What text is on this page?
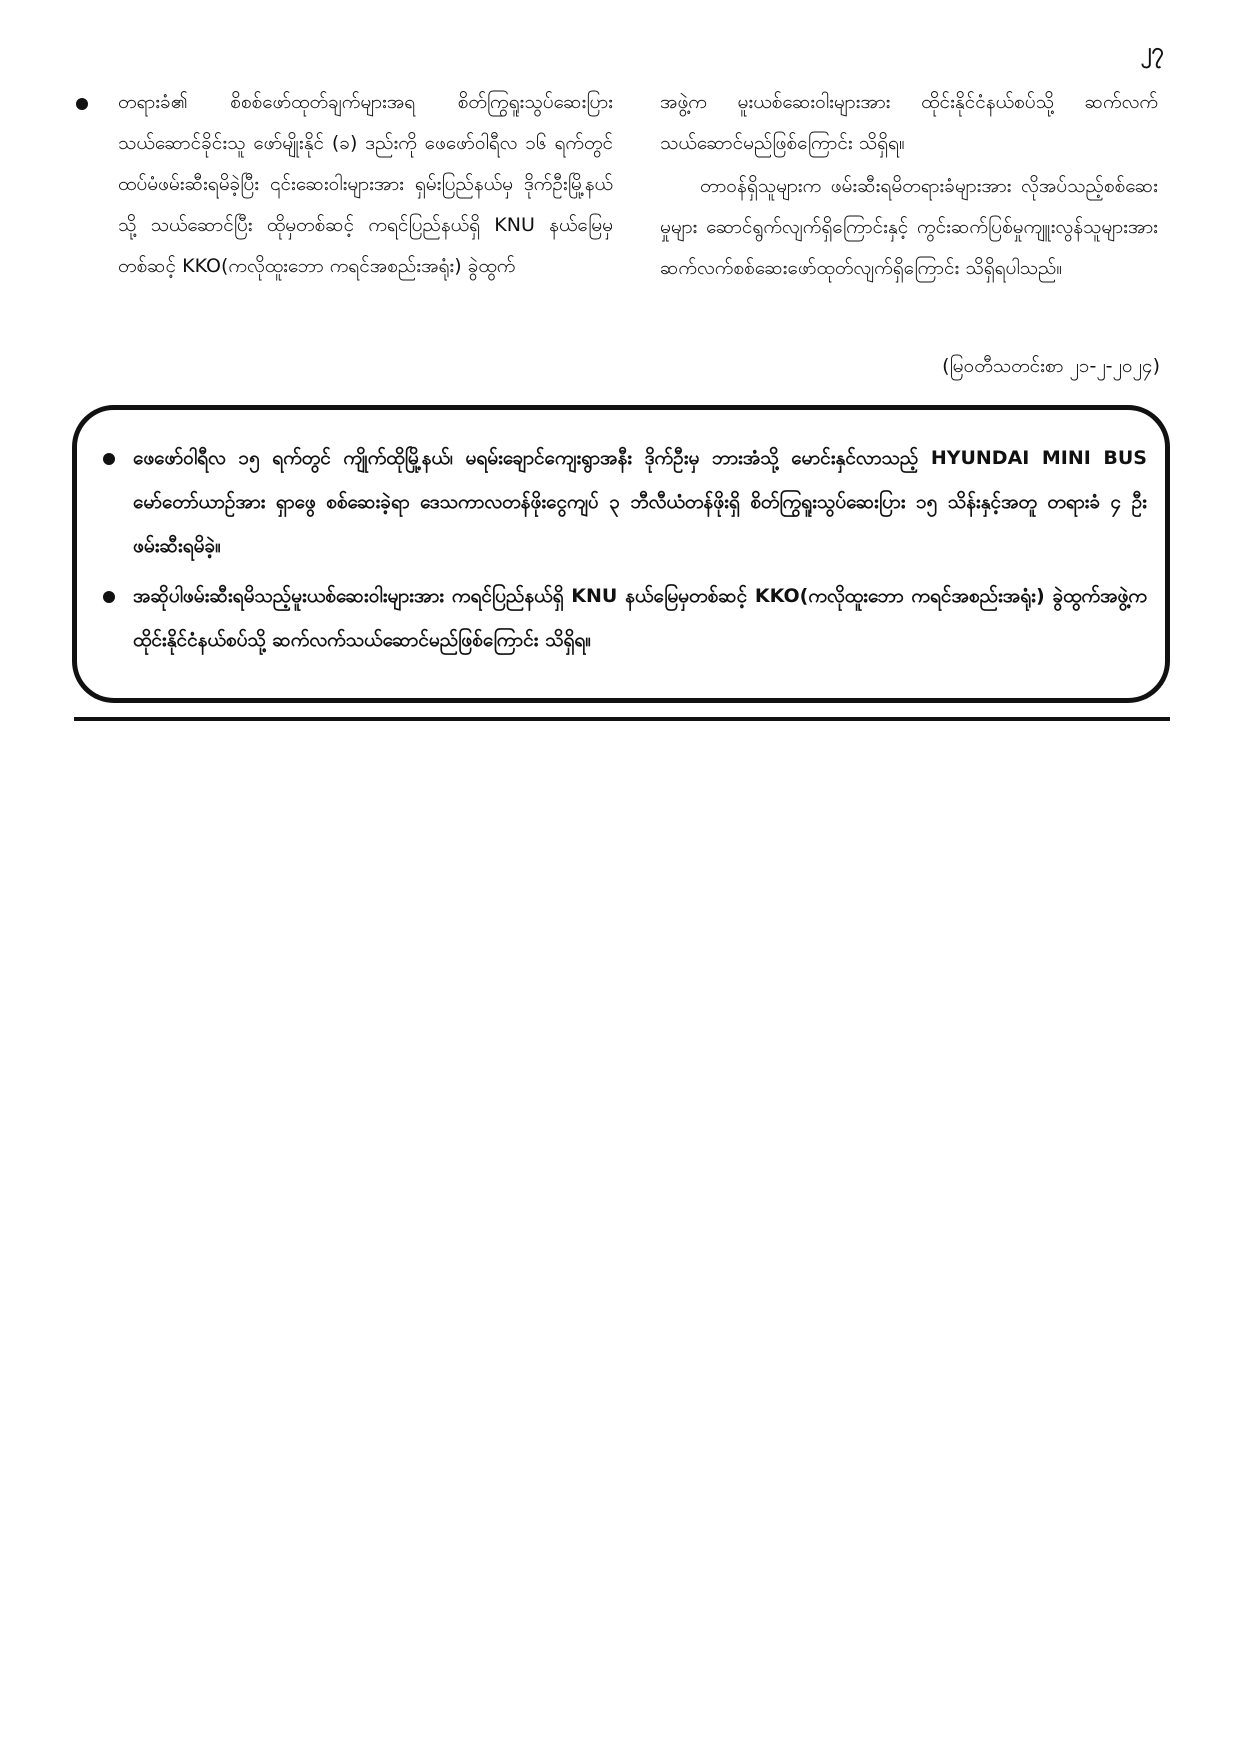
၂၇

တရားခံ၏ စိစစ်ဖော်ထုတ်ချက်များအရ စိတ်ကြွရူးသွပ်ဆေးပြားသယ်ဆောင်ခိုင်းသူ ဖော်မျိုးနိုင် (ခ) ဒည်းကို ဖေဖော်ဝါရီလ ၁၆ ရက်တွင် ထပ်မံဖမ်းဆီးရမိခဲ့ပြီး ၎င်းဆေးဝါးများအား ရှမ်းပြည်နယ်မှ ဒိုက်ဦးမြို့နယ်သို့ သယ်ဆောင်ပြီး ထိုမှတစ်ဆင့် ကရင်ပြည်နယ်ရှိ KNU နယ်မြေမှတစ်ဆင့် KKO(ကလိုထူးဘော ကရင်အစည်းအရုံး) ခွဲထွက်

အဖွဲ့က မူးယစ်ဆေးဝါးများအား ထိုင်းနိုင်ငံနယ်စပ်သို့ ဆက်လက်သယ်ဆောင်မည်ဖြစ်ကြောင်း သိရှိရ။

တာဝန်ရှိသူများက ဖမ်းဆီးရမိတရားခံများအား လိုအပ်သည့်စစ်ဆေးမှုများ ဆောင်ရွက်လျက်ရှိကြောင်းနှင့် ကွင်းဆက်ပြစ်မှုကျူးလွန်သူများအား ဆက်လက်စစ်ဆေးဖော်ထုတ်လျက်ရှိကြောင်း သိရှိရပါသည်။

(မြဝတီသတင်းစာ ၂၁-၂-၂၀၂၄)
ဖေဖော်ဝါရီလ ၁၅ ရက်တွင် ကျိုက်ထိုမြို့နယ်၊ မရမ်းချောင်ကျေးရွာအနီး ဒိုက်ဦးမှ ဘားအံသို့ မောင်းနှင်လာသည့် HYUNDAI MINI BUS မော်တော်ယာဉ်အား ရှာဖွေ စစ်ဆေးခဲ့ရာ ဒေသကာလတန်ဖိုးငွေကျပ် ၃ ဘီလီယံတန်ဖိုးရှိ စိတ်ကြွရူးသွပ်ဆေးပြား ၁၅ သိန်းနှင့်အတူ တရားခံ ၄ ဦးဖမ်းဆီးရမိခဲ့။
အဆိုပါဖမ်းဆီးရမိသည့်မူးယစ်ဆေးဝါးများအား ကရင်ပြည်နယ်ရှိ KNU နယ်မြေမှတစ်ဆင့် KKO(ကလိုထူးဘော ကရင်အစည်းအရုံး) ခွဲထွက်အဖွဲ့က ထိုင်းနိုင်ငံနယ်စပ်သို့ ဆက်လက်သယ်ဆောင်မည်ဖြစ်ကြောင်း သိရှိရ။
